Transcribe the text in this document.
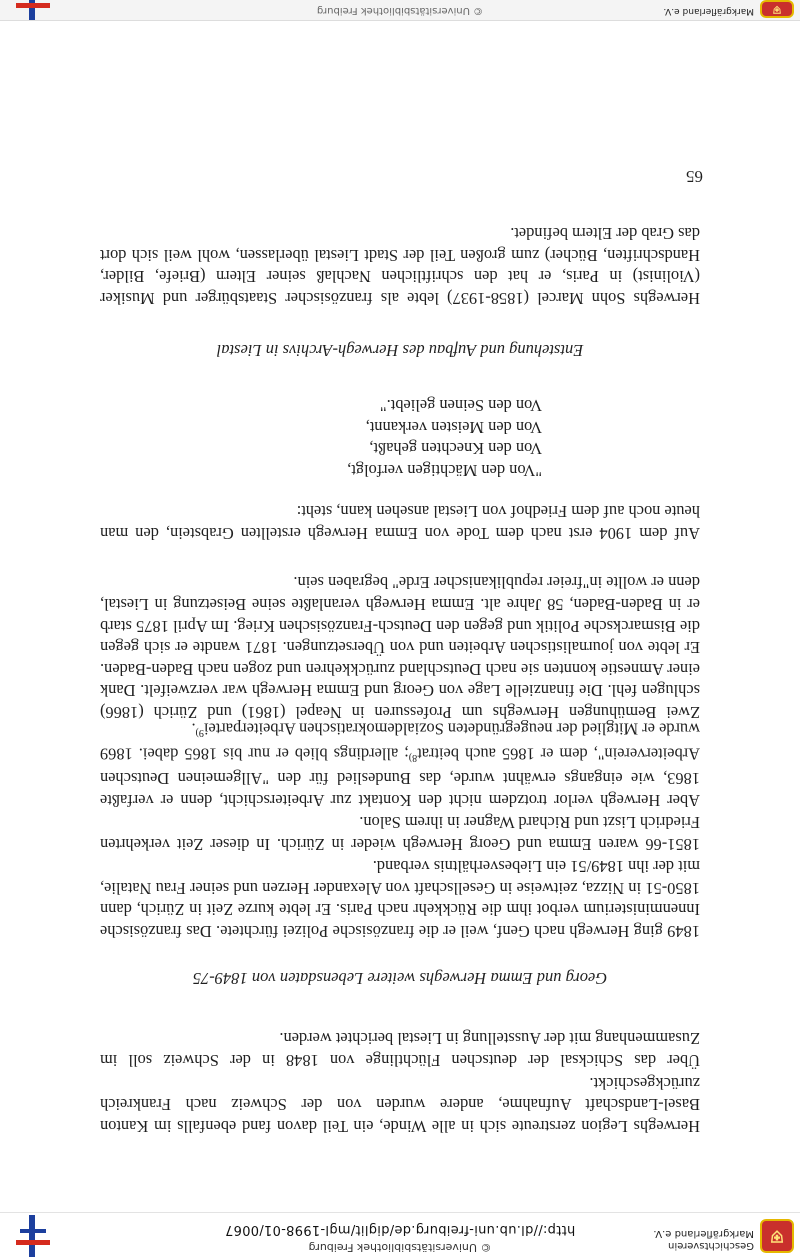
⛨
Geschichtsverein
Markgräflerland e.V.
© Universitätsbibliothek Freiburg
http://dl.ub.uni-freiburg.de/diglit/mgl-1998-01/0067
Herweghs Legion zerstreute sich in alle Winde, ein Teil davon fand ebenfalls im Kanton Basel-Landschaft Aufnahme, andere wurden von der Schweiz nach Frankreich zurückgeschickt.
Über das Schicksal der deutschen Flüchtlinge von 1848 in der Schweiz soll im Zusammenhang mit der Ausstellung in Liestal berichtet werden.
Georg und Emma Herweghs weitere Lebensdaten von 1849-75
1849 ging Herwegh nach Genf, weil er die französische Polizei fürchtete. Das französische Innenministerium verbot ihm die Rückkehr nach Paris. Er lebte kurze Zeit in Zürich, dann 1850-51 in Nizza, zeitweise in Gesellschaft von Alexander Herzen und seiner Frau Natalie, mit der ihn 1849/51 ein Liebesverhältnis verband.
1851-66 waren Emma und Georg Herwegh wieder in Zürich. In dieser Zeit verkehrten Friedrich Liszt und Richard Wagner in ihrem Salon.
Aber Herwegh verlor trotzdem nicht den Kontakt zur Arbeiterschicht, denn er verfaßte 1863, wie eingangs erwähnt wurde, das Bundeslied für den "Allgemeinen Deutschen Arbeiterverein", dem er 1865 auch beitrat$^{8)}$; allerdings blieb er nur bis 1865 dabei. 1869 wurde er Mitglied der neugegründeten Sozialdemokratischen Arbeiterpartei$^{9)}$.
Zwei Bemühungen Herweghs um Professuren in Neapel (1861) und Zürich (1866) schlugen fehl. Die finanzielle Lage von Georg und Emma Herwegh war verzweifelt. Dank einer Amnestie konnten sie nach Deutschland zurückkehren und zogen nach Baden-Baden. Er lebte von journalistischen Arbeiten und von Übersetzungen. 1871 wandte er sich gegen die Bismarcksche Politik und gegen den Deutsch-Französischen Krieg. Im April 1875 starb er in Baden-Baden, 58 Jahre alt. Emma Herwegh veranlaßte seine Beisetzung in Liestal, denn er wollte in"freier republikanischer Erde" begraben sein.
Auf dem 1904 erst nach dem Tode von Emma Herwegh erstellten Grabstein, den man heute noch auf dem Friedhof von Liestal ansehen kann, steht:
"Von den Mächtigen verfolgt,
Von den Knechten gehaßt,
Von den Meisten verkannt,
Von den Seinen geliebt."
Entstehung und Aufbau des Herwegh-Archivs in Liestal
Herweghs Sohn Marcel (1858-1937) lebte als französischer Staatsbürger und Musiker (Violinist) in Paris, er hat den schriftlichen Nachlaß seiner Eltern (Briefe, Bilder, Handschriften, Bücher) zum großen Teil der Stadt Liestal überlassen, wohl weil sich dort das Grab der Eltern befindet.
65
⛨
Markgräflerland e.V.
© Universitätsbibliothek Freiburg
